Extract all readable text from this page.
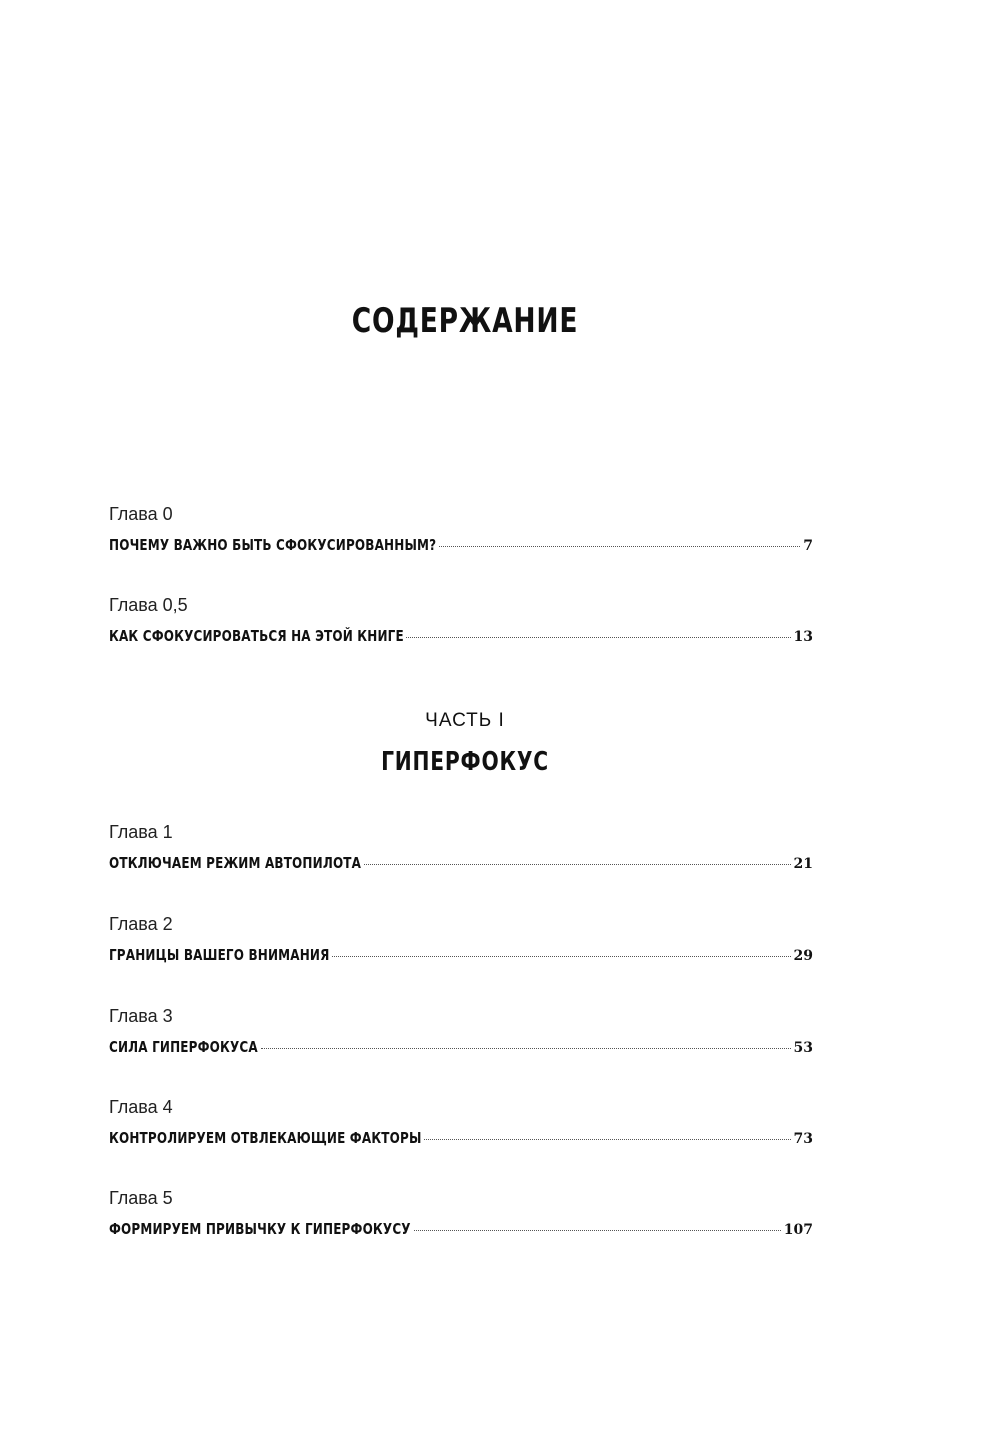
СОДЕРЖАНИЕ
Глава 0
ПОЧЕМУ ВАЖНО БЫТЬ СФОКУСИРОВАННЫМ?	7
Глава 0,5
КАК СФОКУСИРОВАТЬСЯ НА ЭТОЙ КНИГЕ	13
ЧАСТЬ I
ГИПЕРФОКУС
Глава 1
ОТКЛЮЧАЕМ РЕЖИМ АВТОПИЛОТА	21
Глава 2
ГРАНИЦЫ ВАШЕГО ВНИМАНИЯ	29
Глава 3
СИЛА ГИПЕРФОКУСА	53
Глава 4
КОНТРОЛИРУЕМ ОТВЛЕКАЮЩИЕ ФАКТОРЫ	73
Глава 5
ФОРМИРУЕМ ПРИВЫЧКУ К ГИПЕРФОКУСУ	107
